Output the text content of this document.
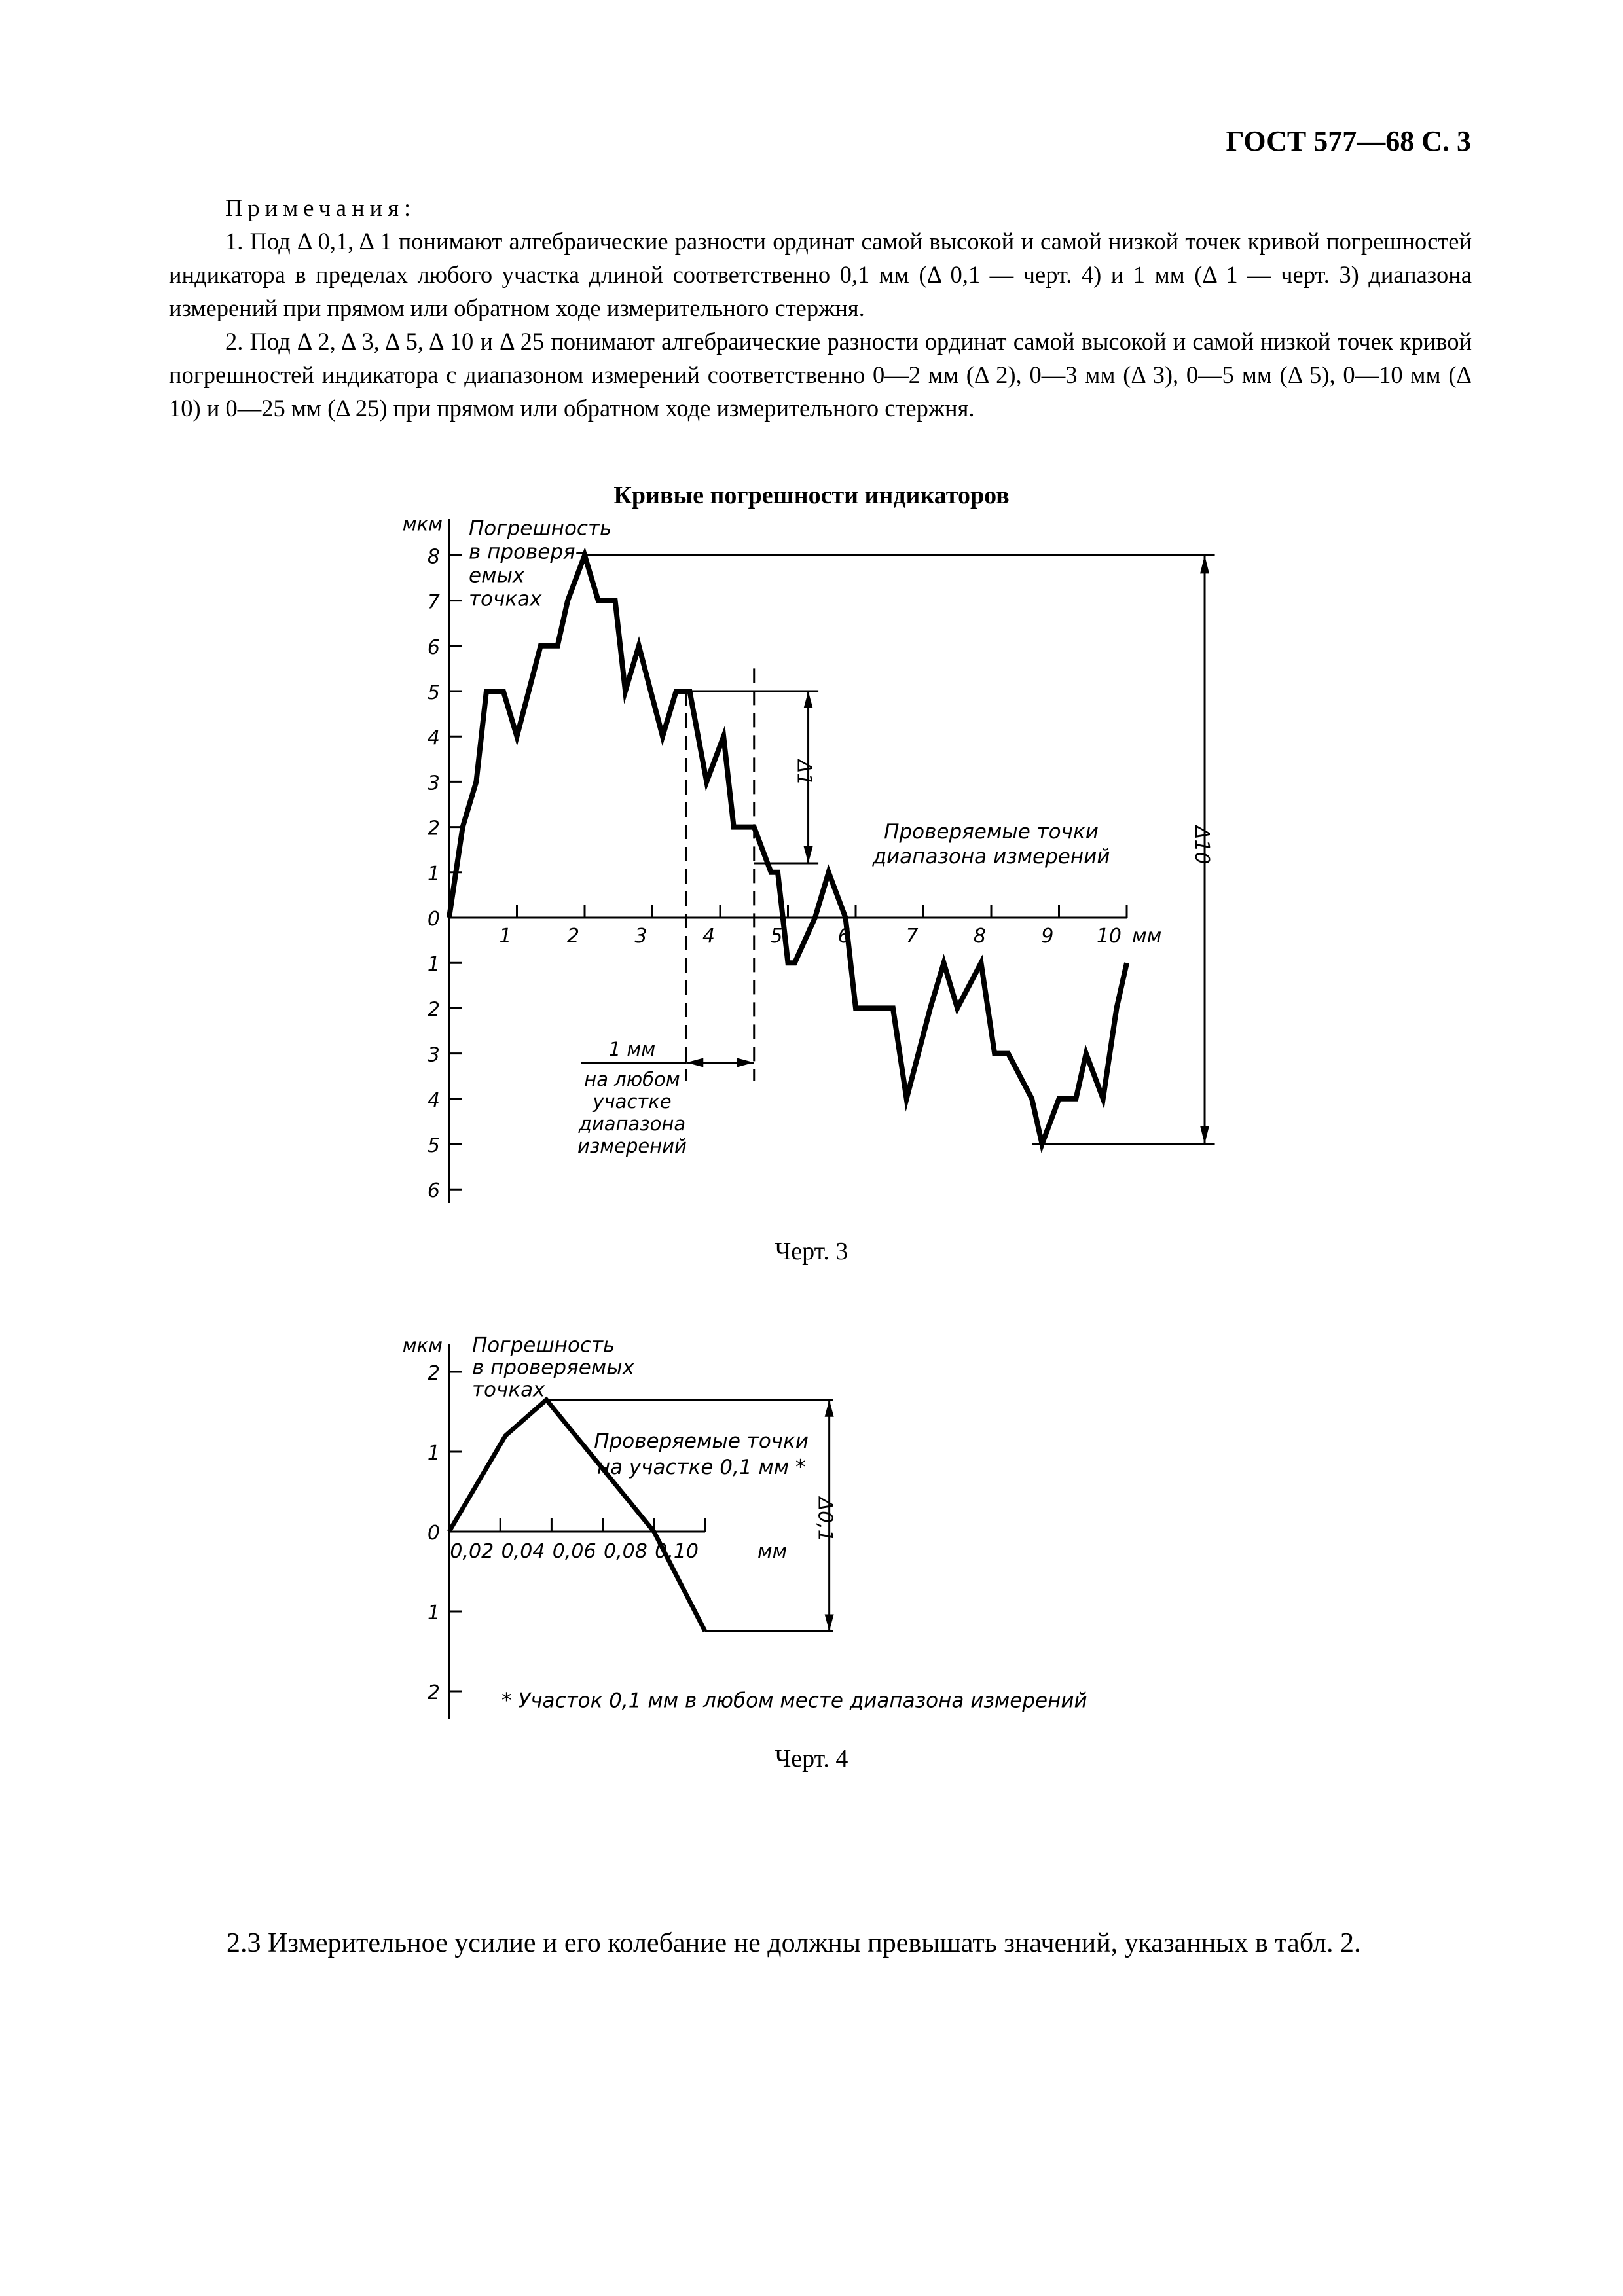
ГОСТ 577—68 С. 3

Примечания:

1. Под Δ 0,1, Δ 1 понимают алгебраические разности ординат самой высокой и самой низкой точек кривой погрешностей индикатора в пределах любого участка длиной соответственно 0,1 мм (Δ 0,1 — черт. 4) и 1 мм (Δ 1 — черт. 3) диапазона измерений при прямом или обратном ходе измерительного стержня.

2. Под Δ 2, Δ 3, Δ 5, Δ 10 и Δ 25 понимают алгебраические разности ординат самой высокой и самой низкой точек кривой погрешностей индикатора с диапазоном измерений соответственно 0—2 мм (Δ 2), 0—3 мм (Δ 3), 0—5 мм (Δ 5), 0—10 мм (Δ 10) и 0—25 мм (Δ 25) при прямом или обратном ходе измерительного стержня.

Кривые погрешности индикаторов
1
2
3
4
5
6
7
8
1
2
3
4
5
6
0
мкм
1	2	3	4	5	6	7	8	9 10 мм
Погрешность в проверя– емых точках
Проверяемые точки диапазона измерений	Δ10
Δ1
1 мм на любом участке диапазона измерений
Черт. 3
1
2
1
2
0
мкм
0,02 0,04 0,06 0,08 0,10	мм
Погрешность в проверяемых точках
Проверяемые точки на участке 0,1 мм *
Δ0,1
* Участок 0,1 мм в любом месте диапазона измерений
Черт. 4

2.3 Измерительное усилие и его колебание не должны превышать значений, указанных в табл. 2.
